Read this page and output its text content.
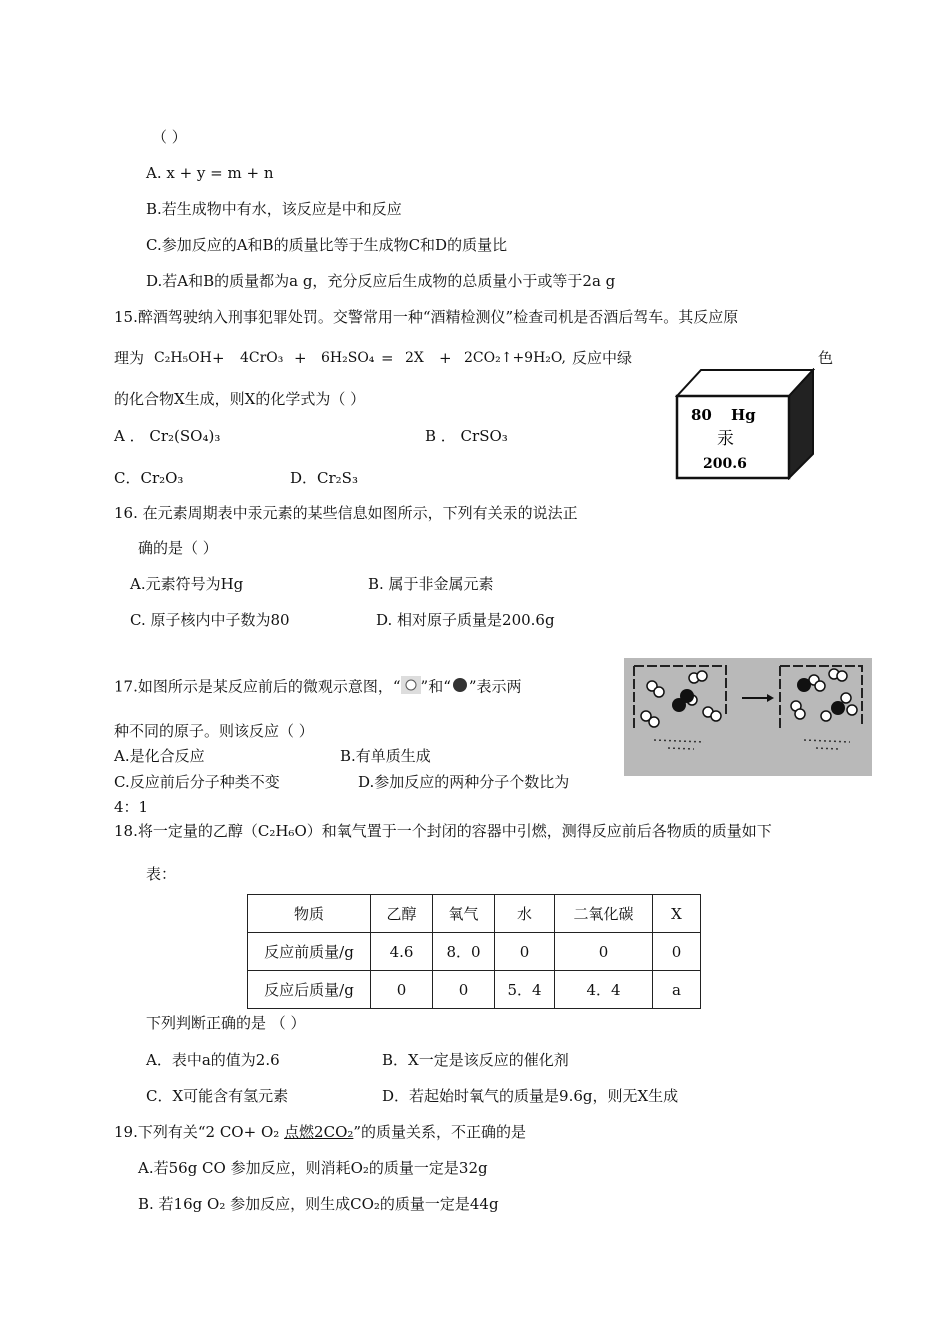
（ ）
A. x + y = m + n
B.若生成物中有水，该反应是中和反应
C.参加反应的A和B的质量比等于生成物C和D的质量比
D.若A和B的质量都为a g，充分反应后生成物的总质量小于或等于2a g
15.醉酒驾驶纳入刑事犯罪处罚。交警常用一种“酒精检测仪”检查司机是否酒后驾车。其反应原
理为 C₂H₅OH + 4CrO₃ + 6H₂SO₄ = 2X + 2CO₂↑+9H₂O, 反应中绿	色
的化合物X生成，则X的化学式为（ ）
A ． Cr₂(SO₄)₃	B ． CrSO₃
C．Cr₂O₃	D．Cr₂S₃
80 Hg
汞
200.6
16. 在元素周期表中汞元素的某些信息如图所示，下列有关汞的说法正
确的是（ ）
A.元素符号为Hg	B. 属于非金属元素
C. 原子核内中子数为80	D. 相对原子质量是200.6g
17.如图所示是某反应前后的微观示意图，“ ”和“ ”表示两
种不同的原子。则该反应（ ）
A.是化合反应	B.有单质生成
C.反应前后分子种类不变	D.参加反应的两种分子个数比为
4：1
18.将一定量的乙醇（C₂H₆O）和氧气置于一个封闭的容器中引燃，测得反应前后各物质的质量如下
表：
物质	乙醇	氧气	水	二氧化碳	X
反应前质量/g	4.6	8．0	0	0	0
反应后质量/g	0	0	5．4	4．4	a
下列判断正确的是 （ ）
A．表中a的值为2.6	B．X一定是该反应的催化剂
C．X可能含有氢元素	D．若起始时氧气的质量是9.6g，则无X生成
19.下列有关“2 CO+ O₂ 点燃2CO₂”的质量关系，不正确的是
A.若56g CO 参加反应，则消耗O₂的质量一定是32g
B. 若16g O₂ 参加反应，则生成CO₂的质量一定是44g
